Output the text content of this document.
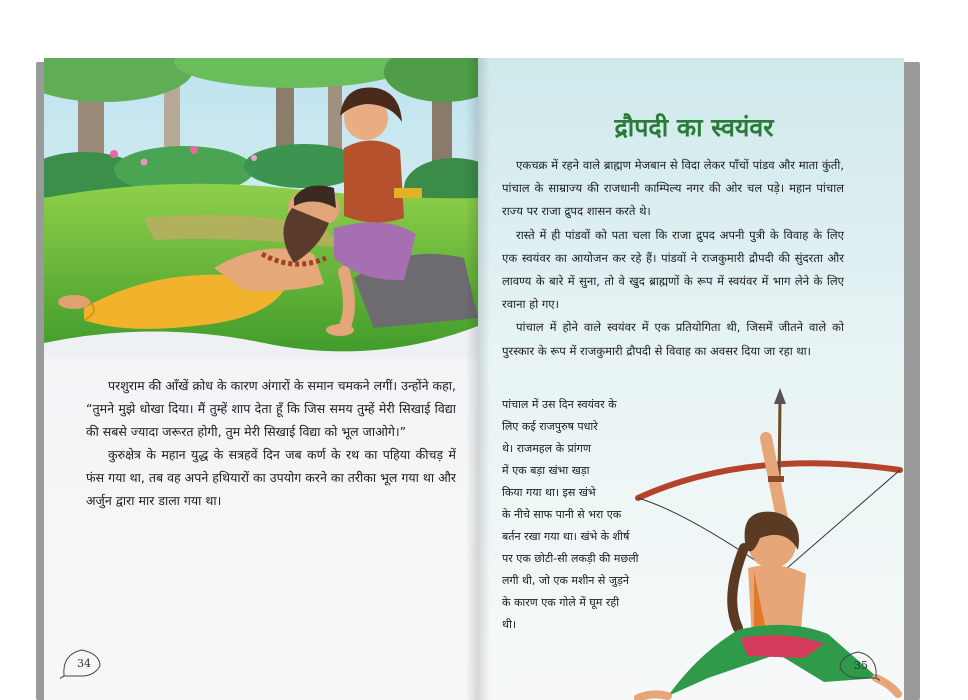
परशुराम की आँखें क्रोध के कारण अंगारों के समान चमकने लगीं। उन्होंने कहा, “तुमने मुझे धोखा दिया। मैं तुम्हें शाप देता हूँ कि जिस समय तुम्हें मेरी सिखाई विद्या की सबसे ज्यादा जरूरत होगी, तुम मेरी सिखाई विद्या को भूल जाओगे।”

कुरुक्षेत्र के महान युद्ध के सत्रहवें दिन जब कर्ण के रथ का पहिया कीचड़ में फंस गया था, तब वह अपने हथियारों का उपयोग करने का तरीका भूल गया था और अर्जुन द्वारा मार डाला गया था।

34
द्रौपदी का स्वयंवर

एकचक्र में रहने वाले ब्राह्मण मेजबान से विदा लेकर पाँचों पांडव और माता कुंती, पांचाल के साम्राज्य की राजधानी काम्पिल्य नगर की ओर चल पड़े। महान पांचाल राज्य पर राजा द्रुपद शासन करते थे।

रास्ते में ही पांडवों को पता चला कि राजा द्रुपद अपनी पुत्री के विवाह के लिए एक स्वयंवर का आयोजन कर रहे हैं। पांडवों ने राजकुमारी द्रौपदी की सुंदरता और लावण्य के बारे में सुना, तो वे खुद ब्राह्मणों के रूप में स्वयंवर में भाग लेने के लिए रवाना हो गए।

पांचाल में होने वाले स्वयंवर में एक प्रतियोगिता थी, जिसमें जीतने वाले को पुरस्कार के रूप में राजकुमारी द्रौपदी से विवाह का अवसर दिया जा रहा था।

पांचाल में उस दिन स्वयंवर के
लिए कई राजपुरुष पधारे
थे। राजमहल के प्रांगण
में एक बड़ा खंभा खड़ा
किया गया था। इस खंभे
के नीचे साफ पानी से भरा एक
बर्तन रखा गया था। खंभे के शीर्ष
पर एक छोटी-सी लकड़ी की मछली
लगी थी, जो एक मशीन से जुड़ने
के कारण एक गोले में घूम रही
थी।
35
